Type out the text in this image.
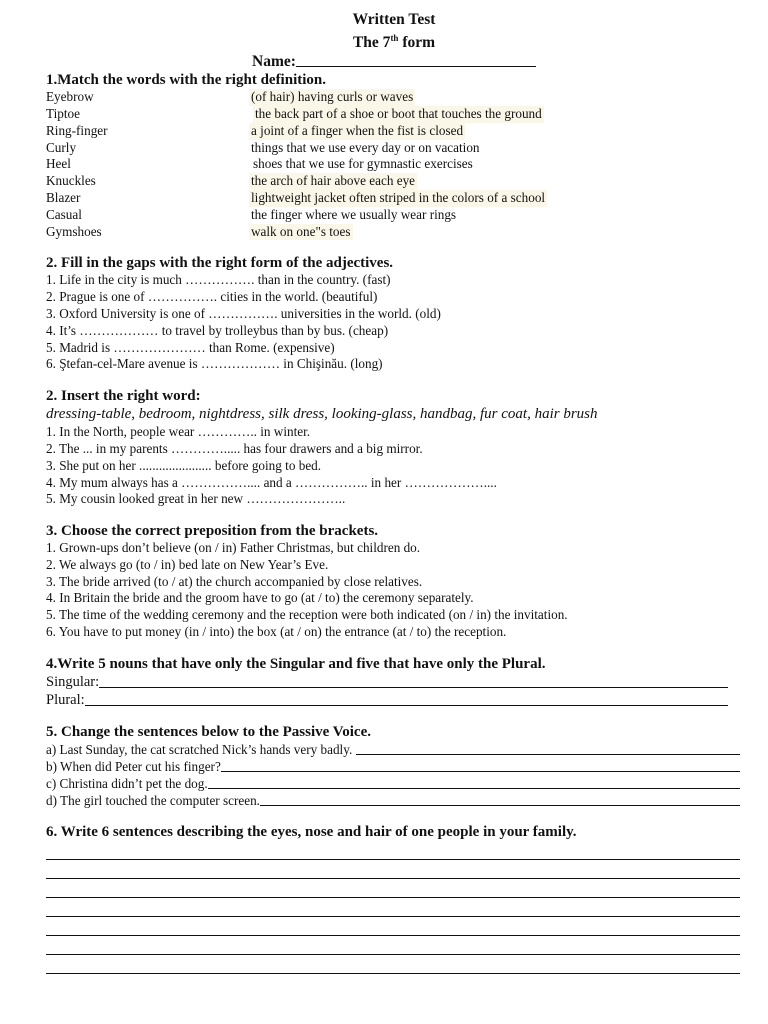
Written Test
The 7th form
Name:
1.Match the words with the right definition.
Eyebrow	(of hair) having curls or waves
Tiptoe	the back part of a shoe or boot that touches the ground
Ring-finger	a joint of a finger when the fist is closed
Curly	things that we use every day or on vacation
Heel	shoes that we use for gymnastic exercises
Knuckles	the arch of hair above each eye
Blazer	lightweight jacket often striped in the colors of a school
Casual	the finger where we usually wear rings
Gymshoes	walk on one"s toes
2. Fill in the gaps with the right form of the adjectives.
1. Life in the city is much ……………. than in the country. (fast)
2. Prague is one of ……………. cities in the world. (beautiful)
3. Oxford University is one of ……………. universities in the world. (old)
4. It’s ……………… to travel by trolleybus than by bus. (cheap)
5. Madrid is ………………… than Rome. (expensive)
6. Ştefan-cel-Mare avenue is ……………… in Chişinău. (long)
2. Insert the right word:
dressing-table, bedroom, nightdress, silk dress, looking-glass, handbag, fur coat, hair brush
1. In the North, people wear ………….. in winter.
2. The ... in my parents …………..... has four drawers and a big mirror.
3. She put on her ...................... before going to bed.
4. My mum always has a …………….... and a …………….. in her ………………....
5. My cousin looked great in her new …………………..
3. Choose the correct preposition from the brackets.
1. Grown-ups don’t believe (on / in) Father Christmas, but children do.
2. We always go (to / in) bed late on New Year’s Eve.
3. The bride arrived (to / at) the church accompanied by close relatives.
4. In Britain the bride and the groom have to go (at / to) the ceremony separately.
5. The time of the wedding ceremony and the reception were both indicated (on / in) the invitation.
6. You have to put money (in / into) the box (at / on) the entrance (at / to) the reception.
4.Write 5 nouns that have only the Singular and five that have only the Plural.
Singular:
Plural:
5. Change the sentences below to the Passive Voice.
a) Last Sunday, the cat scratched Nick’s hands very badly.

b) When did Peter cut his finger?
c) Christina didn’t pet the dog.
d) The girl touched the computer screen.
6. Write 6 sentences describing the eyes, nose and hair of one people in your family.
